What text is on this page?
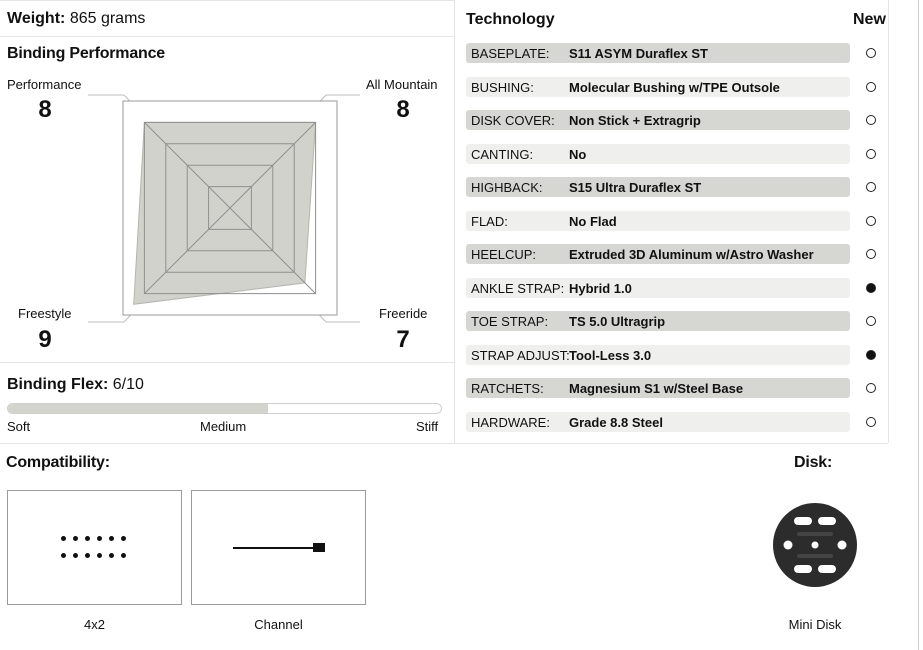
Weight: 865 grams
Binding Performance
Performance
8
All Mountain
8
Freestyle
9
Freeride
7
Binding Flex: 6/10
Soft	Medium	Stiff
Technology	New
BASEPLATE: S11 ASYM Duraflex ST
BUSHING:	Molecular Bushing w/TPE Outsole
DISK COVER: Non Stick + Extragrip
CANTING:	No
HIGHBACK: S15 Ultra Duraflex ST
FLAD:	No Flad
HEELCUP:	Extruded 3D Aluminum w/Astro Washer
ANKLE STRAP: Hybrid 1.0
TOE STRAP: TS 5.0 Ultragrip
STRAP ADJUST: Tool-Less 3.0
RATCHETS: Magnesium S1 w/Steel Base
HARDWARE: Grade 8.8 Steel
Compatibility:
4x2	Channel
Disk:
Mini Disk
